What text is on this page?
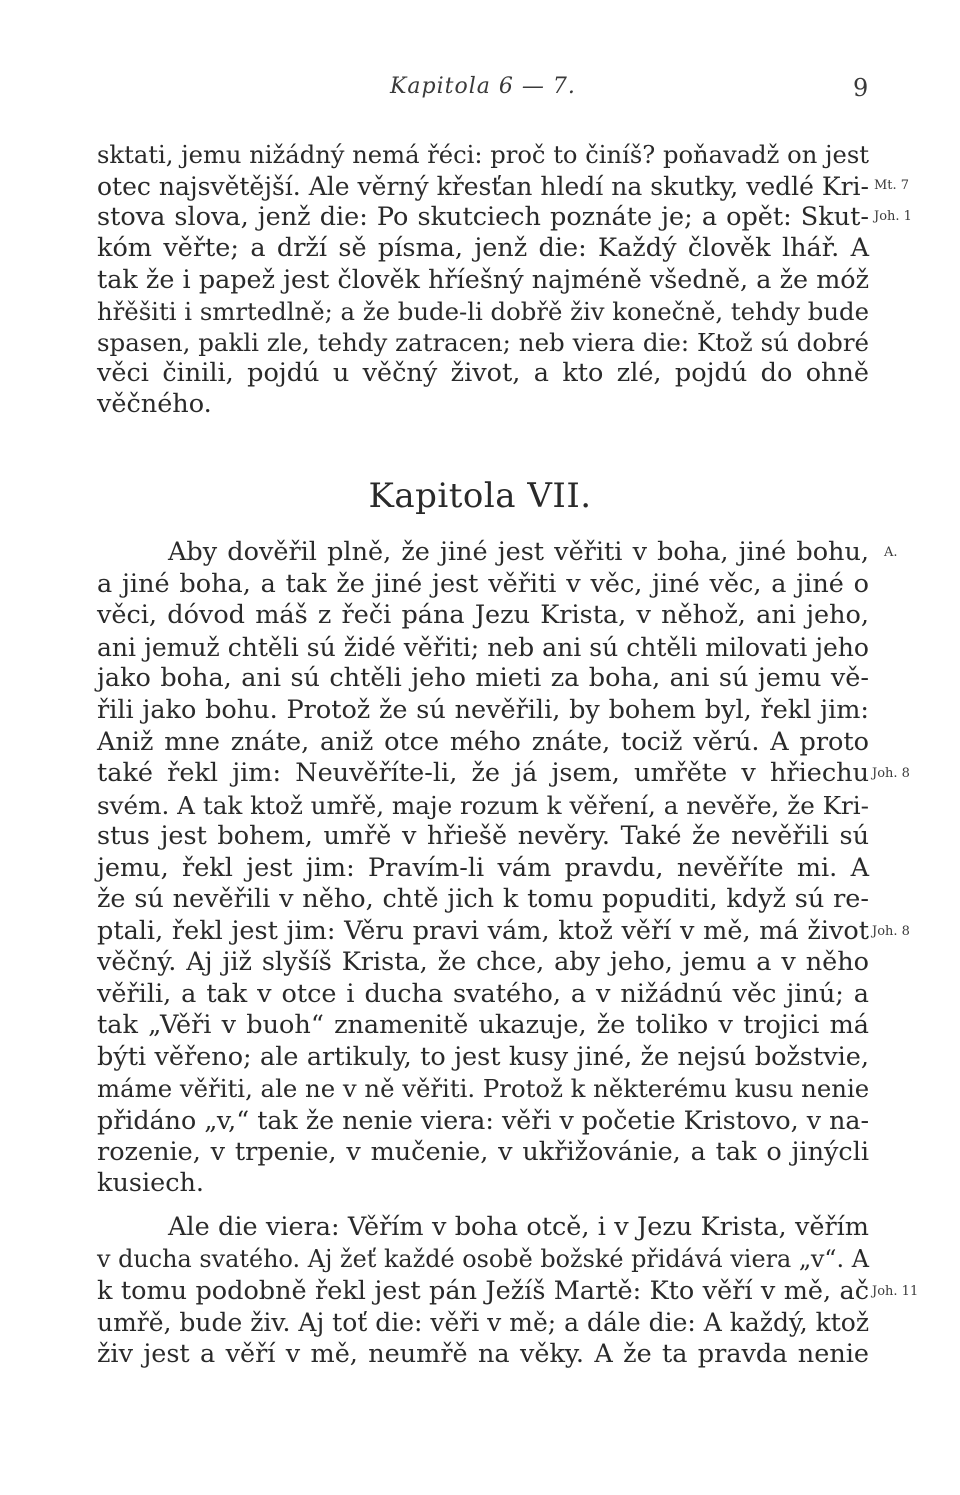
Kapitola 6 — 7.	9
sktati, jemu nižádný nemá řéci: proč to činíš? poňavadž on jest
otec najsvětější. Ale věrný křesťan hledí na skutky, vedlé Kri-
stova slova, jenž die: Po skutciech poznáte je; a opět: Skut-
kóm věřte; a drží sě písma, jenž die: Každý člověk lhář. A
tak že i papež jest člověk hříešný najméně všedně, a že móž
hřěšiti i smrtedlně; a že bude-li dobřě živ konečně, tehdy bude
spasen, pakli zle, tehdy zatracen; neb viera die: Ktož sú dobré
věci činili, pojdú u věčný život, a kto zlé, pojdú do ohně
věčného.
Kapitola VII.
Aby dověřil plně, že jiné jest věřiti v boha, jiné bohu,
a jiné boha, a tak že jiné jest věřiti v věc, jiné věc, a jiné o
věci, dóvod máš z řeči pána Jezu Krista, v něhož, ani jeho,
ani jemuž chtěli sú židé věřiti; neb ani sú chtěli milovati jeho
jako boha, ani sú chtěli jeho mieti za boha, ani sú jemu vě-
řili jako bohu. Protož že sú nevěřili, by bohem byl, řekl jim:
Aniž mne znáte, aniž otce mého znáte, tociž věrú. A proto
také řekl jim: Neuvěříte-li, že já jsem, umřěte v hřiechu
svém. A tak ktož umřě, maje rozum k věření, a nevěře, že Kri-
stus jest bohem, umřě v hřiešě nevěry. Také že nevěřili sú
jemu, řekl jest jim: Pravím-li vám pravdu, nevěříte mi. A
že sú nevěřili v něho, chtě jich k tomu popuditi, když sú re-
ptali, řekl jest jim: Věru pravi vám, ktož věří v mě, má život
věčný. Aj již slyšíš Krista, že chce, aby jeho, jemu a v něho
věřili, a tak v otce i ducha svatého, a v nižádnú věc jinú; a
tak „Věři v buoh“ znamenitě ukazuje, že toliko v trojici má
býti věřeno; ale artikuly, to jest kusy jiné, že nejsú božstvie,
máme věřiti, ale ne v ně věřiti. Protož k některému kusu nenie
přidáno „v,“ tak že nenie viera: věři v početie Kristovo, v na-
rozenie, v trpenie, v mučenie, v ukřižovánie, a tak o jinýcli
kusiech.
Ale die viera: Věřím v boha otcě, i v Jezu Krista, věřím
v ducha svatého. Aj žeť každé osobě božské přidává viera „v“. A
k tomu podobně řekl jest pán Ježíš Martě: Kto věří v mě, ač
umřě, bude živ. Aj toť die: věři v mě; a dále die: A každý, ktož
živ jest a věří v mě, neumřě na věky. A že ta pravda nenie
Mt. 7
Joh. 1
A.
Joh. 8
Joh. 8
Joh. 11
